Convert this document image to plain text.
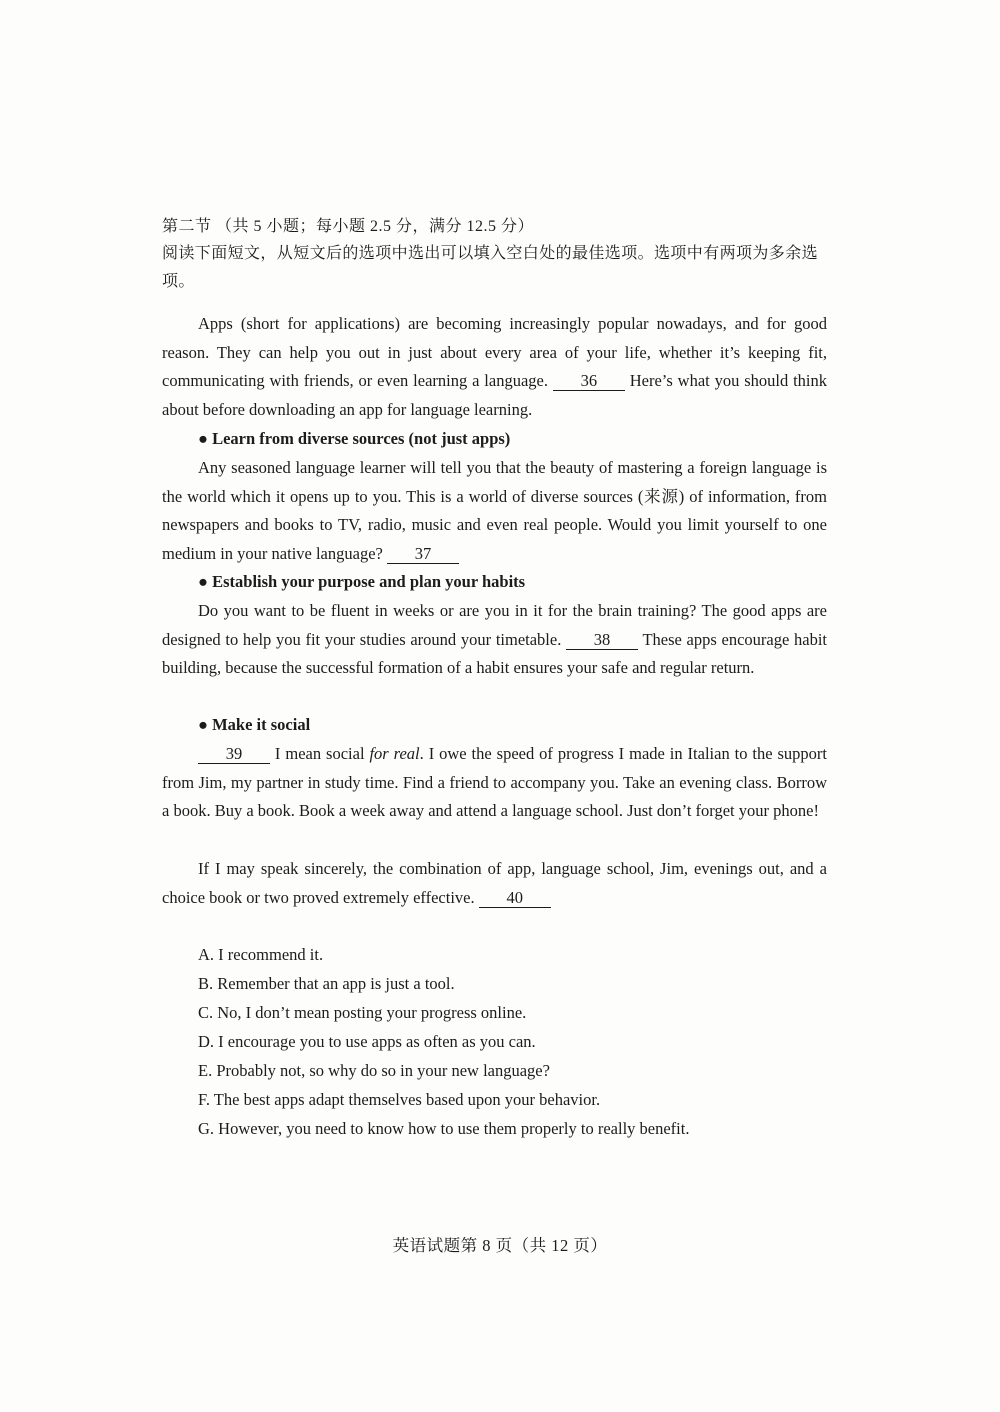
第二节 （共 5 小题；每小题 2.5 分，满分 12.5 分）
阅读下面短文，从短文后的选项中选出可以填入空白处的最佳选项。选项中有两项为多余选项。
Apps (short for applications) are becoming increasingly popular nowadays, and for good reason. They can help you out in just about every area of your life, whether it’s keeping fit, communicating with friends, or even learning a language. 36 Here’s what you should think about before downloading an app for language learning.
● Learn from diverse sources (not just apps)
Any seasoned language learner will tell you that the beauty of mastering a foreign language is the world which it opens up to you. This is a world of diverse sources (来源) of information, from newspapers and books to TV, radio, music and even real people. Would you limit yourself to one medium in your native language? 37
● Establish your purpose and plan your habits
Do you want to be fluent in weeks or are you in it for the brain training? The good apps are designed to help you fit your studies around your timetable. 38 These apps encourage habit building, because the successful formation of a habit ensures your safe and regular return.
● Make it social
39 I mean social for real. I owe the speed of progress I made in Italian to the support from Jim, my partner in study time. Find a friend to accompany you. Take an evening class. Borrow a book. Buy a book. Book a week away and attend a language school. Just don’t forget your phone!
If I may speak sincerely, the combination of app, language school, Jim, evenings out, and a choice book or two proved extremely effective. 40
A. I recommend it.
B. Remember that an app is just a tool.
C. No, I don’t mean posting your progress online.
D. I encourage you to use apps as often as you can.
E. Probably not, so why do so in your new language?
F. The best apps adapt themselves based upon your behavior.
G. However, you need to know how to use them properly to really benefit.
英语试题第 8 页（共 12 页）
